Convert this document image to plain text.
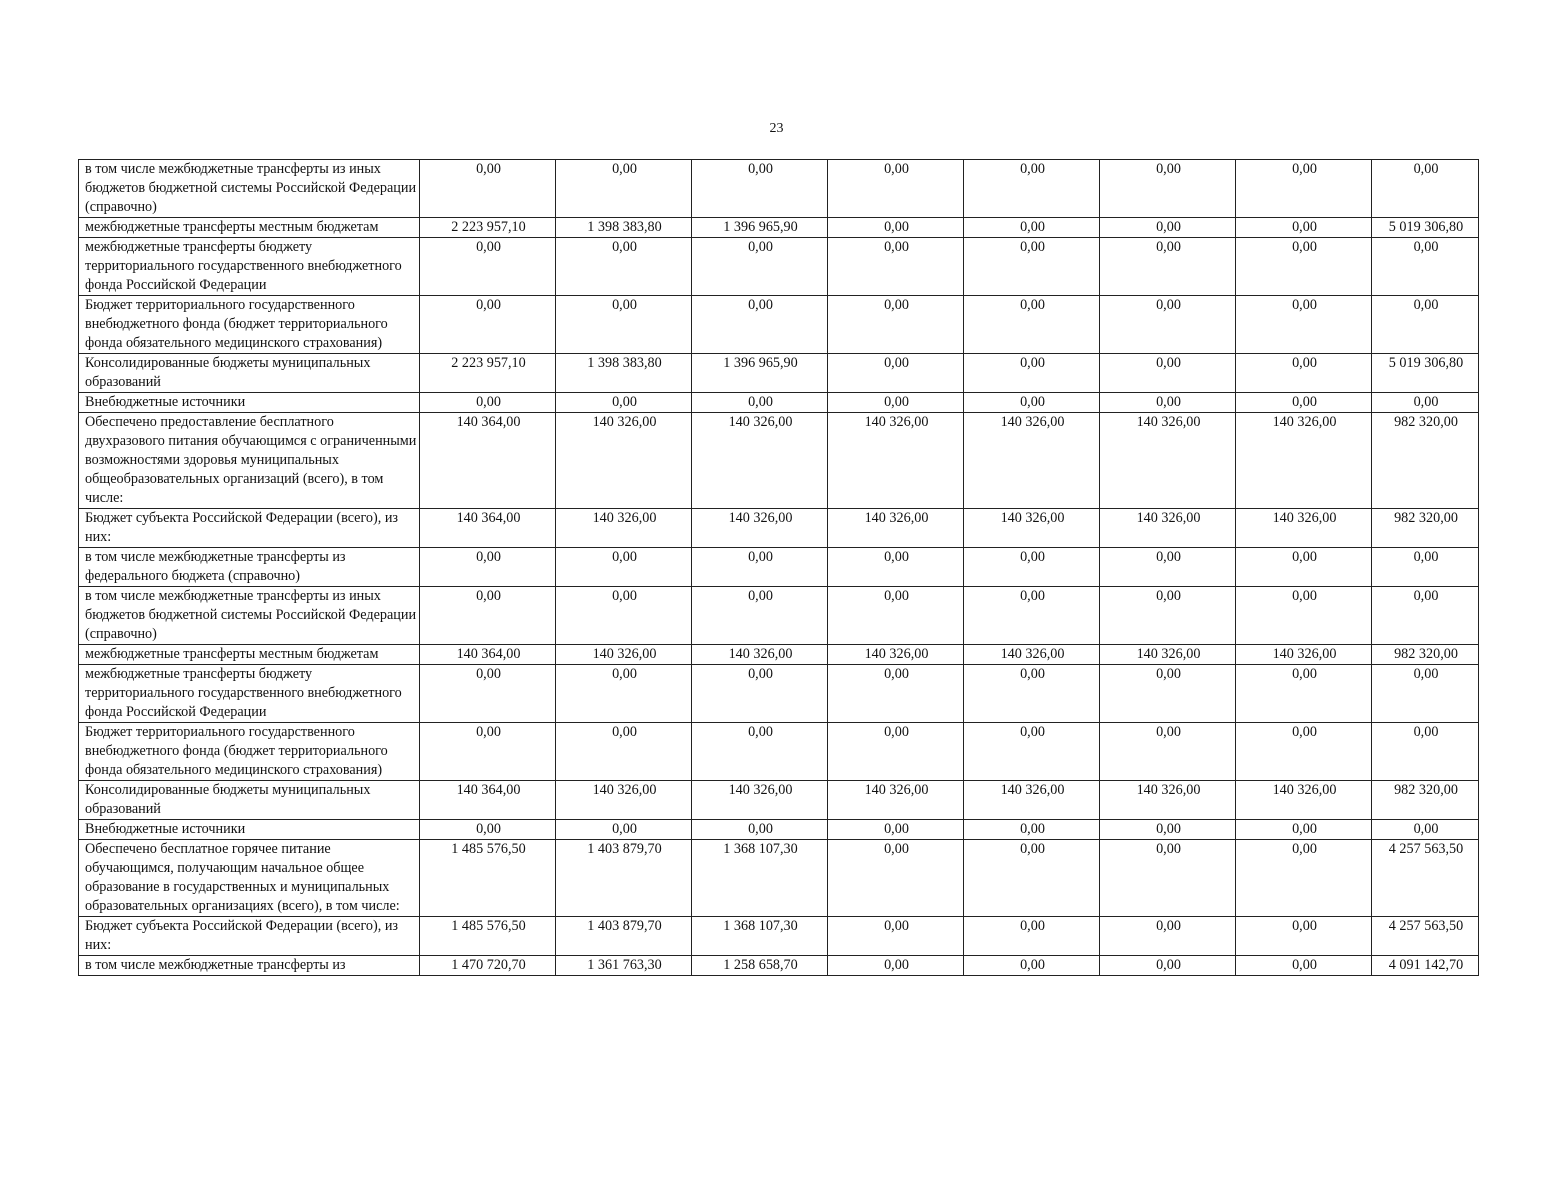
23
в том числе межбюджетные трансферты из иных бюджетов бюджетной системы Российской Федерации (справочно)	0,00	0,00	0,00	0,00	0,00	0,00	0,00	0,00
межбюджетные трансферты местным бюджетам	2 223 957,10	1 398 383,80	1 396 965,90	0,00	0,00	0,00	0,00	5 019 306,80
межбюджетные трансферты бюджету территориального государственного внебюджетного фонда Российской Федерации	0,00	0,00	0,00	0,00	0,00	0,00	0,00	0,00
Бюджет территориального государственного внебюджетного фонда (бюджет территориального фонда обязательного медицинского страхования)	0,00	0,00	0,00	0,00	0,00	0,00	0,00	0,00
Консолидированные бюджеты муниципальных образований	2 223 957,10	1 398 383,80	1 396 965,90	0,00	0,00	0,00	0,00	5 019 306,80
Внебюджетные источники	0,00	0,00	0,00	0,00	0,00	0,00	0,00	0,00
Обеспечено предоставление бесплатного двухразового питания обучающимся с ограниченными возможностями здоровья муниципальных общеобразовательных организаций (всего), в том числе:	140 364,00	140 326,00	140 326,00	140 326,00	140 326,00	140 326,00	140 326,00	982 320,00
Бюджет субъекта Российской Федерации (всего), из них:	140 364,00	140 326,00	140 326,00	140 326,00	140 326,00	140 326,00	140 326,00	982 320,00
в том числе межбюджетные трансферты из федерального бюджета (справочно)	0,00	0,00	0,00	0,00	0,00	0,00	0,00	0,00
в том числе межбюджетные трансферты из иных бюджетов бюджетной системы Российской Федерации (справочно)	0,00	0,00	0,00	0,00	0,00	0,00	0,00	0,00
межбюджетные трансферты местным бюджетам	140 364,00	140 326,00	140 326,00	140 326,00	140 326,00	140 326,00	140 326,00	982 320,00
межбюджетные трансферты бюджету территориального государственного внебюджетного фонда Российской Федерации	0,00	0,00	0,00	0,00	0,00	0,00	0,00	0,00
Бюджет территориального государственного внебюджетного фонда (бюджет территориального фонда обязательного медицинского страхования)	0,00	0,00	0,00	0,00	0,00	0,00	0,00	0,00
Консолидированные бюджеты муниципальных образований	140 364,00	140 326,00	140 326,00	140 326,00	140 326,00	140 326,00	140 326,00	982 320,00
Внебюджетные источники	0,00	0,00	0,00	0,00	0,00	0,00	0,00	0,00
Обеспечено бесплатное горячее питание обучающимся, получающим начальное общее образование в государственных и муниципальных образовательных организациях (всего), в том числе:	1 485 576,50	1 403 879,70	1 368 107,30	0,00	0,00	0,00	0,00	4 257 563,50
Бюджет субъекта Российской Федерации (всего), из них:	1 485 576,50	1 403 879,70	1 368 107,30	0,00	0,00	0,00	0,00	4 257 563,50
в том числе межбюджетные трансферты из	1 470 720,70	1 361 763,30	1 258 658,70	0,00	0,00	0,00	0,00	4 091 142,70
